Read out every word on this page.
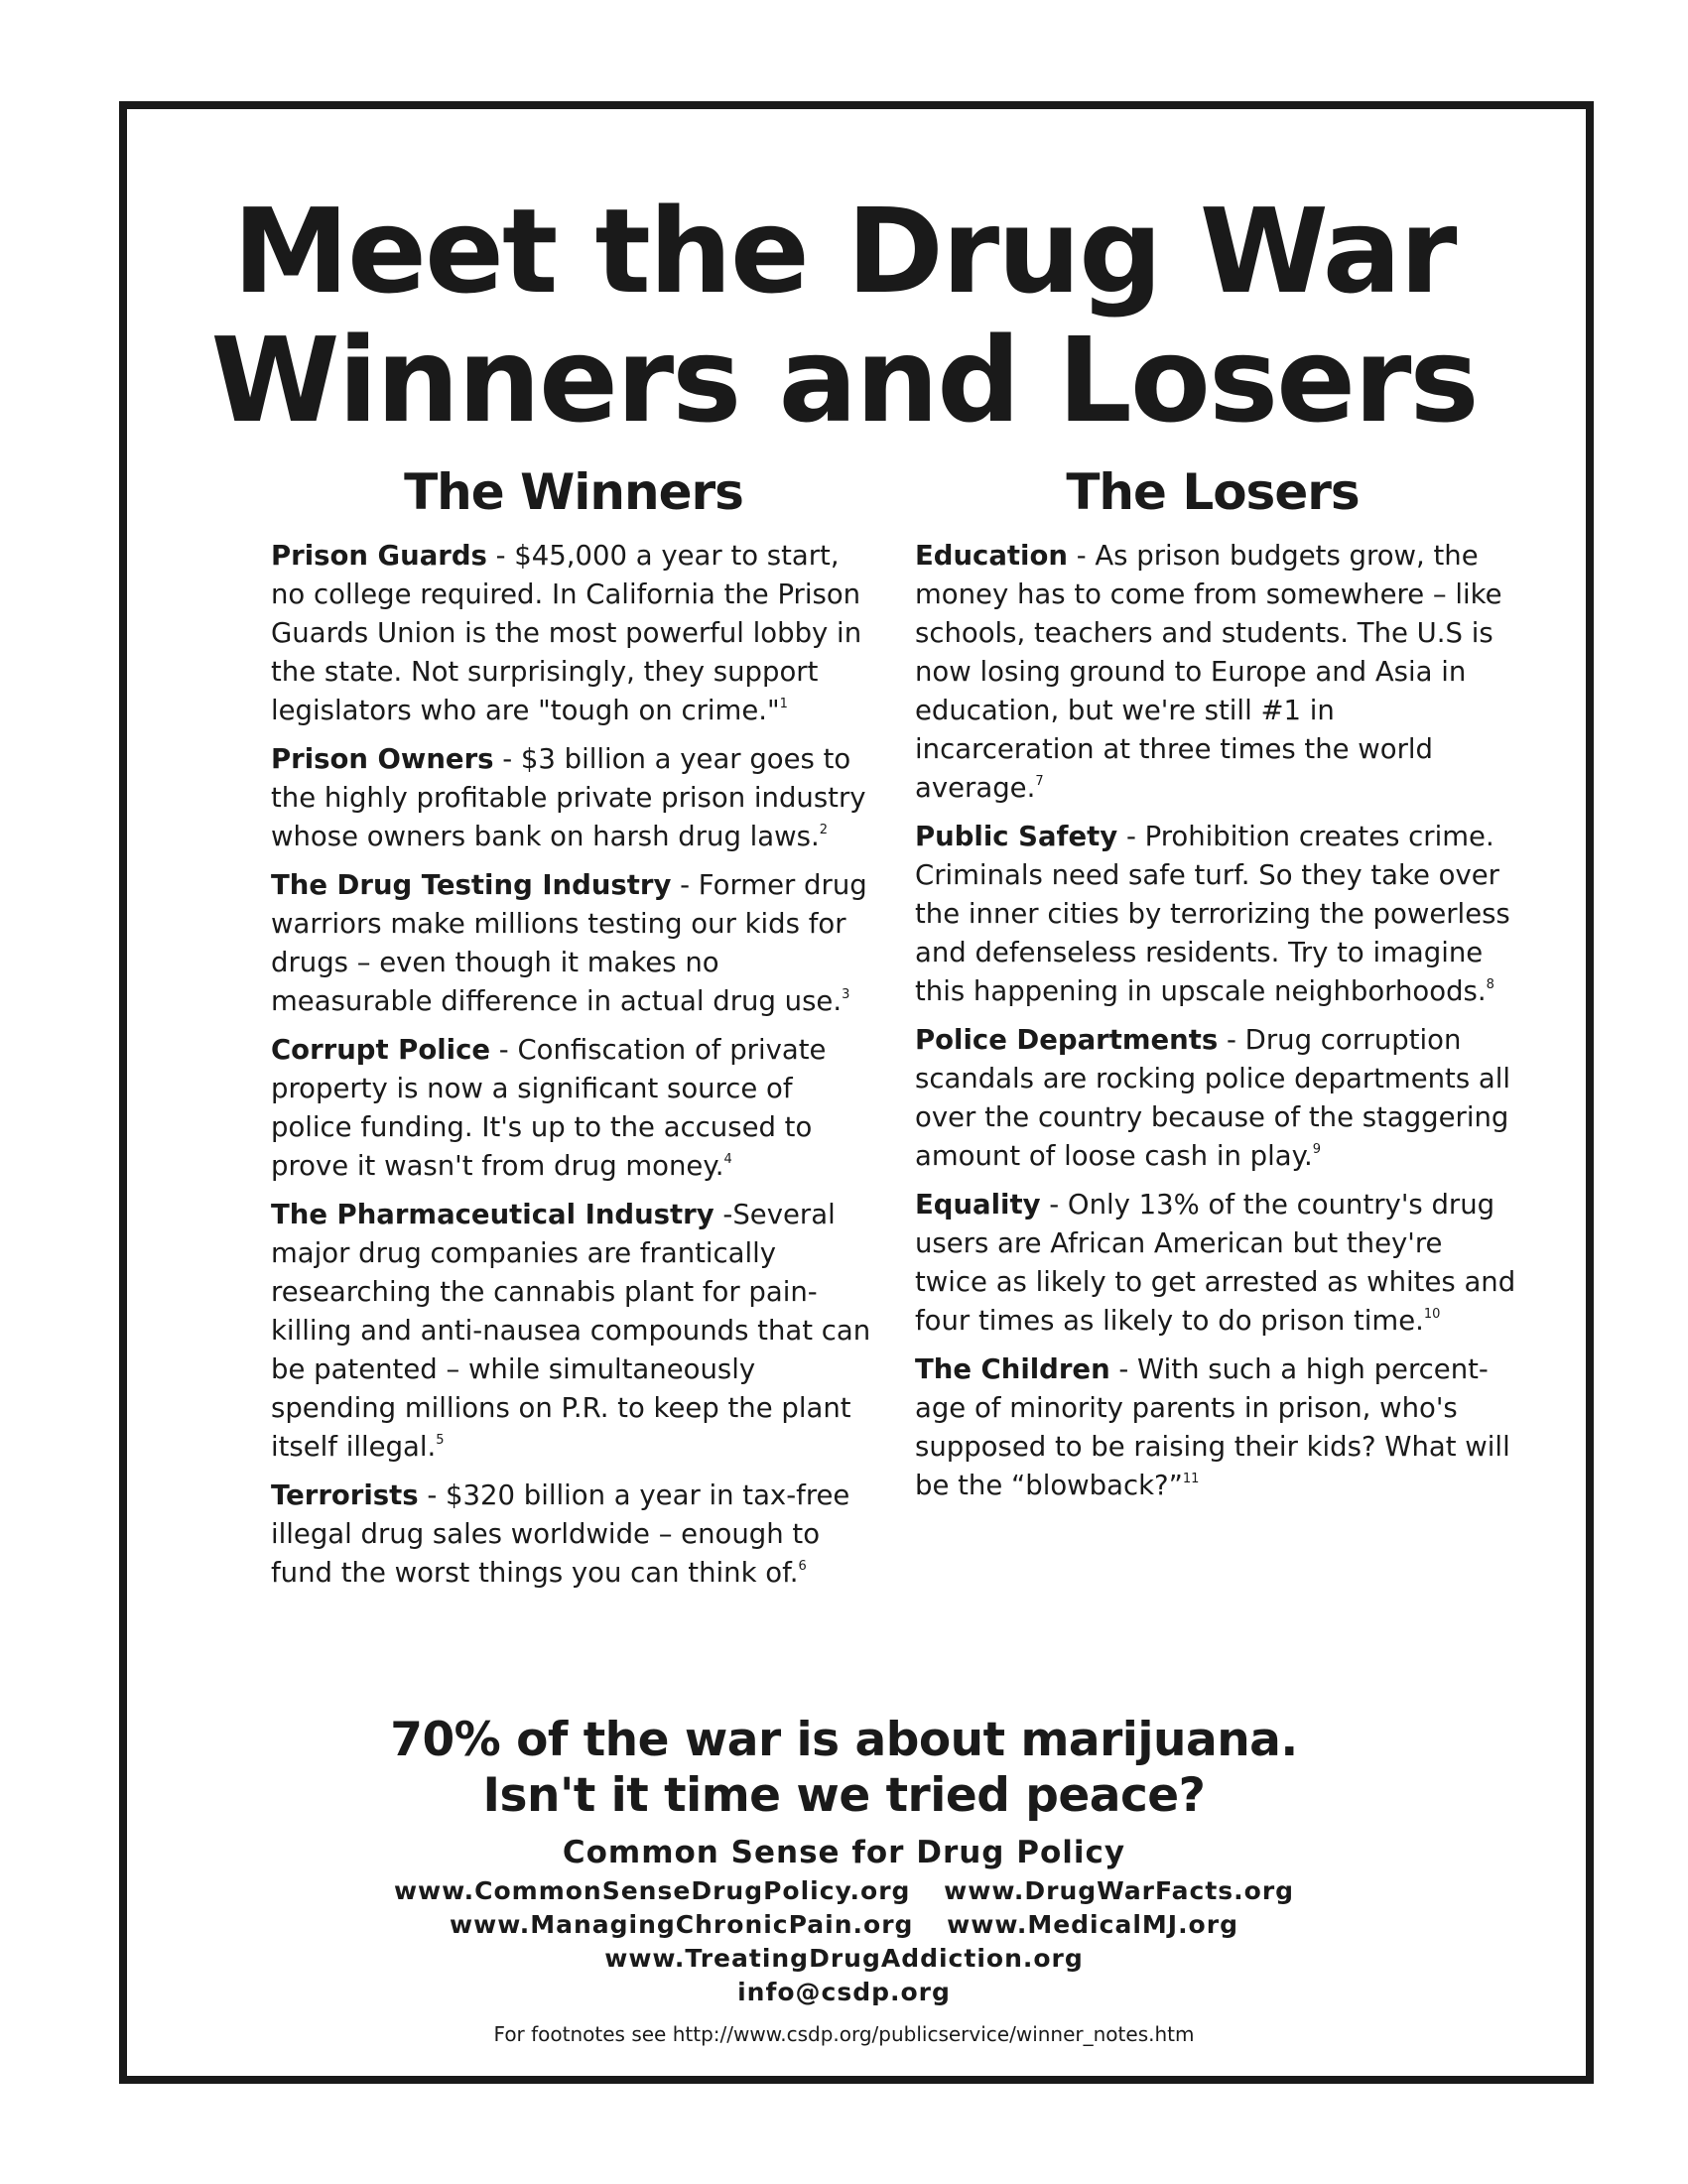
Meet the Drug War
Winners and Losers
The Winners	The Losers

Prison Guards - $45,000 a year to start, no college required. In California the Prison Guards Union is the most powerful lobby in the state. Not surprisingly, they support legislators who are "tough on crime."$^1$

Prison Owners - $3 billion a year goes to the highly profitable private prison industry whose owners bank on harsh drug laws.$^2$

The Drug Testing Industry - Former drug warriors make millions testing our kids for drugs – even though it makes no measurable difference in actual drug use.$^3$

Corrupt Police - Confiscation of private property is now a significant source of police funding. It's up to the accused to prove it wasn't from drug money.$^4$

The Pharmaceutical Industry -Several major drug companies are frantically researching the cannabis plant for pain-killing and anti-nausea compounds that can be patented – while simultaneously spending millions on P.R. to keep the plant itself illegal.$^5$

Terrorists - $320 billion a year in tax-free illegal drug sales worldwide – enough to fund the worst things you can think of.$^6$

Education - As prison budgets grow, the money has to come from somewhere – like schools, teachers and students. The U.S is now losing ground to Europe and Asia in education, but we're still #1 in incarceration at three times the world average.$^7$

Public Safety - Prohibition creates crime. Criminals need safe turf. So they take over the inner cities by terrorizing the powerless and defenseless residents. Try to imagine this happening in upscale neighborhoods.$^8$

Police Departments - Drug corruption scandals are rocking police departments all over the country because of the staggering amount of loose cash in play.$^9$

Equality - Only 13% of the country's drug users are African American but they're twice as likely to get arrested as whites and four times as likely to do prison time.$^{10}$

The Children - With such a high percent-age of minority parents in prison, who's supposed to be raising their kids? What will be the “blowback?”$^{11}$

70% of the war is about marijuana.
Isn't it time we tried peace?
Common Sense for Drug Policy
www.CommonSenseDrugPolicy.org www.DrugWarFacts.org
www.ManagingChronicPain.org www.MedicalMJ.org
www.TreatingDrugAddiction.org
info@csdp.org
For footnotes see http://www.csdp.org/publicservice/winner_notes.htm
